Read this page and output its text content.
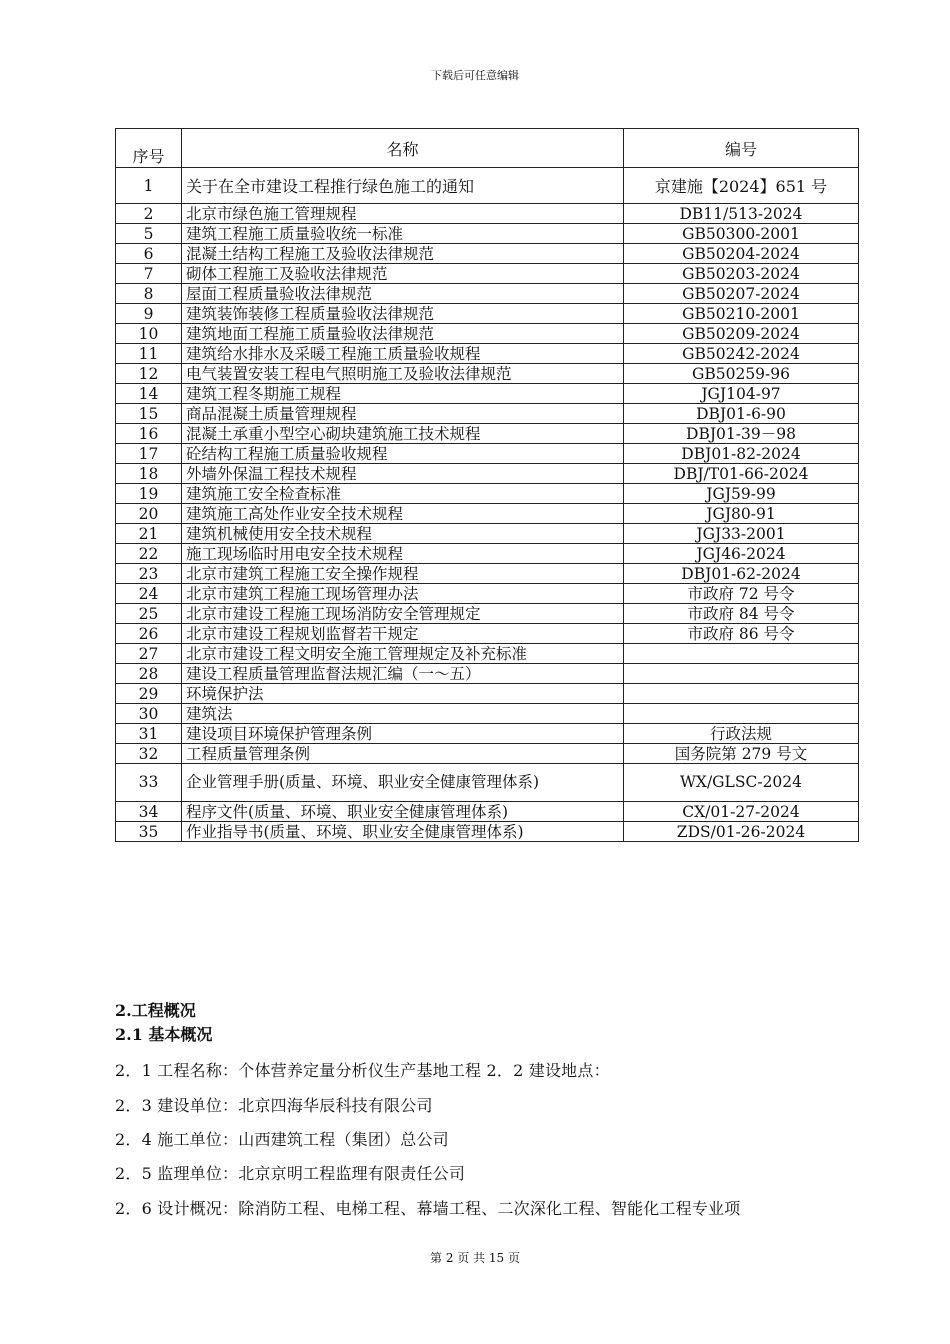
下载后可任意编辑
序号	名称	编号
1	关于在全市建设工程推行绿色施工的通知	京建施【2024】651 号
2	北京市绿色施工管理规程	DB11/513-2024
5	建筑工程施工质量验收统一标准	GB50300-2001
6	混凝土结构工程施工及验收法律规范	GB50204-2024
7	砌体工程施工及验收法律规范	GB50203-2024
8	屋面工程质量验收法律规范	GB50207-2024
9	建筑装饰装修工程质量验收法律规范	GB50210-2001
10	建筑地面工程施工质量验收法律规范	GB50209-2024
11	建筑给水排水及采暖工程施工质量验收规程	GB50242-2024
12	电气装置安装工程电气照明施工及验收法律规范	GB50259-96
14	建筑工程冬期施工规程	JGJ104-97
15	商品混凝土质量管理规程	DBJ01-6-90
16	混凝土承重小型空心砌块建筑施工技术规程	DBJ01-39－98
17	砼结构工程施工质量验收规程	DBJ01-82-2024
18	外墙外保温工程技术规程	DBJ/T01-66-2024
19	建筑施工安全检查标准	JGJ59-99
20	建筑施工高处作业安全技术规程	JGJ80-91
21	建筑机械使用安全技术规程	JGJ33-2001
22	施工现场临时用电安全技术规程	JGJ46-2024
23	北京市建筑工程施工安全操作规程	DBJ01-62-2024
24	北京市建筑工程施工现场管理办法	市政府 72 号令
25	北京市建设工程施工现场消防安全管理规定	市政府 84 号令
26	北京市建设工程规划监督若干规定	市政府 86 号令
27	北京市建设工程文明安全施工管理规定及补充标准	
28	建设工程质量管理监督法规汇编（一～五）	
29	环境保护法	
30	建筑法	
31	建设项目环境保护管理条例	行政法规
32	工程质量管理条例	国务院第 279 号文
33	企业管理手册(质量、环境、职业安全健康管理体系)	WX/GLSC-2024
34	程序文件(质量、环境、职业安全健康管理体系)	CX/01-27-2024
35	作业指导书(质量、环境、职业安全健康管理体系)	ZDS/01-26-2024
2.工程概况
2.1 基本概况
2．1 工程名称：个体营养定量分析仪生产基地工程 2．2 建设地点：
2．3 建设单位：北京四海华辰科技有限公司
2．4 施工单位：山西建筑工程（集团）总公司
2．5 监理单位：北京京明工程监理有限责任公司
2．6 设计概况：除消防工程、电梯工程、幕墙工程、二次深化工程、智能化工程专业项
第 2 页 共 15 页
